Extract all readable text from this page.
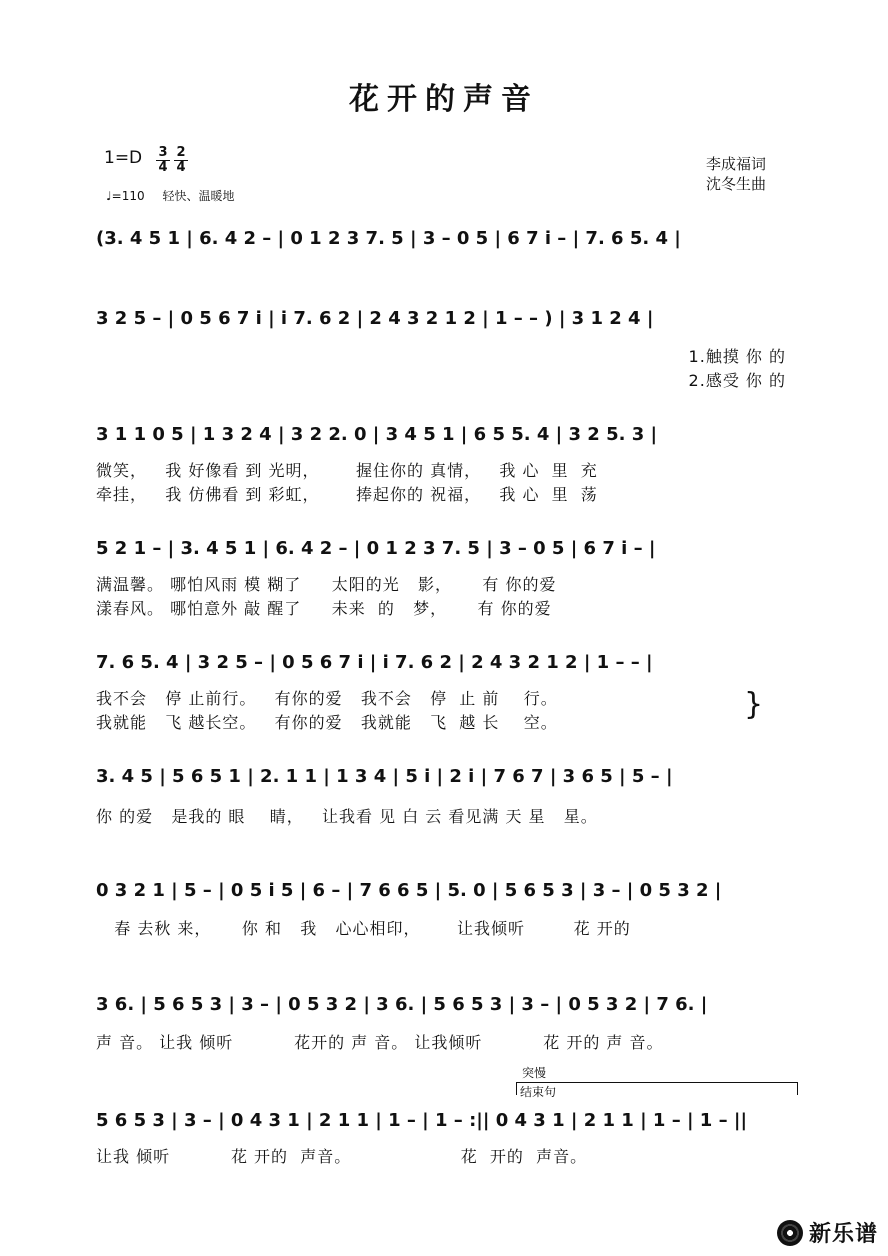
花开的声音
1=D 3
4
2
4
♩=110 轻快、温暖地
李成福词
沈冬生曲
(3. 4 5 1 | 6. 4 2 – | 0 1 2 3 7. 5 | 3 – 0 5 | 6 7 i – | 7. 6 5. 4 |
3 2 5 – | 0 5 6 7 i | i 7. 6 2 | 2 4 3 2 1 2 | 1 – – ) | 3 1 2 4 |
1.触摸 你 的
2.感受 你 的
3 1 1 0 5 | 1 3 2 4 | 3 2 2. 0 | 3 4 5 1 | 6 5 5. 4 | 3 2 5. 3 |
微笑，   我 好像看 到 光明，      握住你的 真情，   我 心  里  充
牵挂，   我 仿佛看 到 彩虹，      捧起你的 祝福，   我 心  里  荡
5 2 1 – | 3. 4 5 1 | 6. 4 2 – | 0 1 2 3 7. 5 | 3 – 0 5 | 6 7 i – |
满温馨。 哪怕风雨 模 糊了     太阳的光   影，     有 你的爱
漾春风。 哪怕意外 敲 醒了     未来  的   梦，     有 你的爱
7. 6 5. 4 | 3 2 5 – | 0 5 6 7 i | i 7. 6 2 | 2 4 3 2 1 2 | 1 – – |
我不会   停 止前行。   有你的爱   我不会   停  止 前    行。
我就能   飞 越长空。   有你的爱   我就能   飞  越 长    空。
}
3. 4 5 | 5 6 5 1 | 2. 1 1 | 1 3 4 | 5 i | 2 i | 7 6 7 | 3 6 5 | 5 – |
你 的爱   是我的 眼    睛，   让我看 见 白 云 看见满 天 星   星。
0 3 2 1 | 5 – | 0 5 i 5 | 6 – | 7 6 6 5 | 5. 0 | 5 6 5 3 | 3 – | 0 5 3 2 |
春 去秋 来，     你 和   我   心心相印，      让我倾听        花 开的
3 6. | 5 6 5 3 | 3 – | 0 5 3 2 | 3 6. | 5 6 5 3 | 3 – | 0 5 3 2 | 7 6. |
声 音。 让我 倾听          花开的 声 音。 让我倾听          花 开的 声 音。
突慢
结束句
5 6 5 3 | 3 – | 0 4 3 1 | 2 1 1 | 1 – | 1 – :|| 0 4 3 1 | 2 1 1 | 1 – | 1 – ||
让我 倾听          花 开的  声音。                  花  开的  声音。
新乐谱
